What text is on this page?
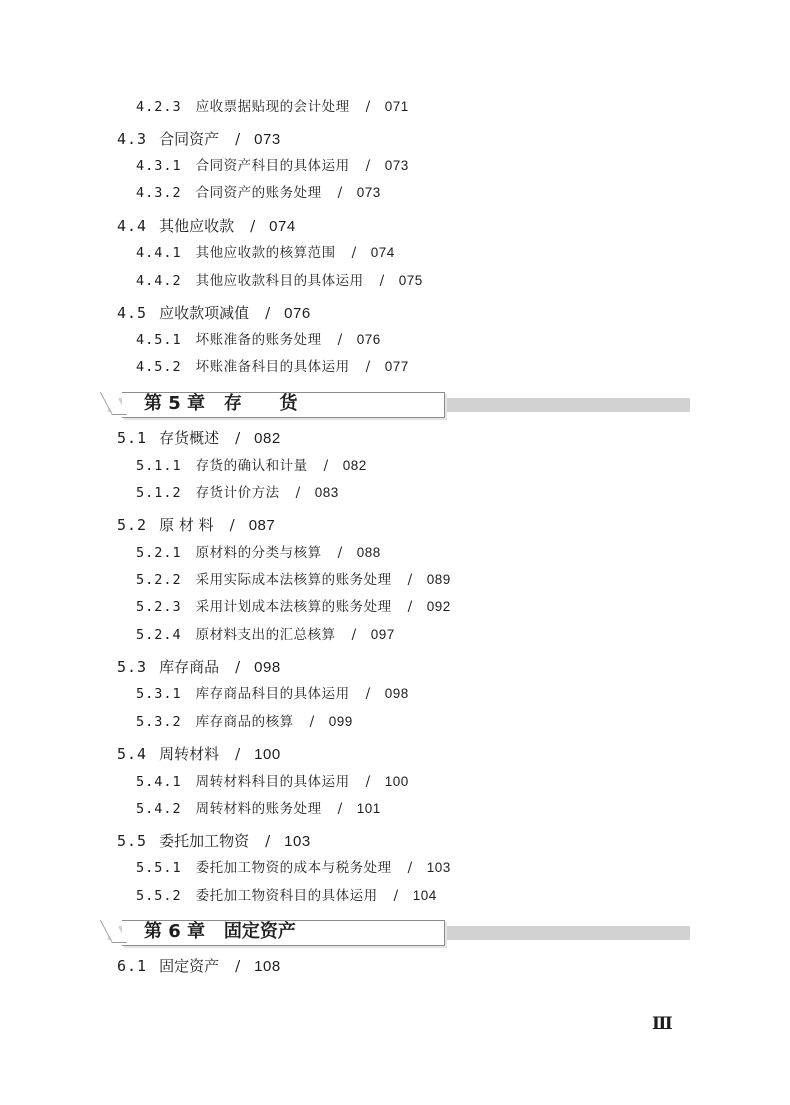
4.2.3 应收票据贴现的会计处理 / 071
4.3 合同资产 / 073
4.3.1 合同资产科目的具体运用 / 073
4.3.2 合同资产的账务处理 / 073
4.4 其他应收款 / 074
4.4.1 其他应收款的核算范围 / 074
4.4.2 其他应收款科目的具体运用 / 075
4.5 应收款项减值 / 076
4.5.1 坏账准备的账务处理 / 076
4.5.2 坏账准备科目的具体运用 / 077
第 5 章   存      货
5.1 存货概述 / 082
5.1.1 存货的确认和计量 / 082
5.1.2 存货计价方法 / 083
5.2 原 材 料 / 087
5.2.1 原材料的分类与核算 / 088
5.2.2 采用实际成本法核算的账务处理 / 089
5.2.3 采用计划成本法核算的账务处理 / 092
5.2.4 原材料支出的汇总核算 / 097
5.3 库存商品 / 098
5.3.1 库存商品科目的具体运用 / 098
5.3.2 库存商品的核算 / 099
5.4 周转材料 / 100
5.4.1 周转材料科目的具体运用 / 100
5.4.2 周转材料的账务处理 / 101
5.5 委托加工物资 / 103
5.5.1 委托加工物资的成本与税务处理 / 103
5.5.2 委托加工物资科目的具体运用 / 104
第 6 章   固定资产
6.1 固定资产 / 108
Ⅲ
